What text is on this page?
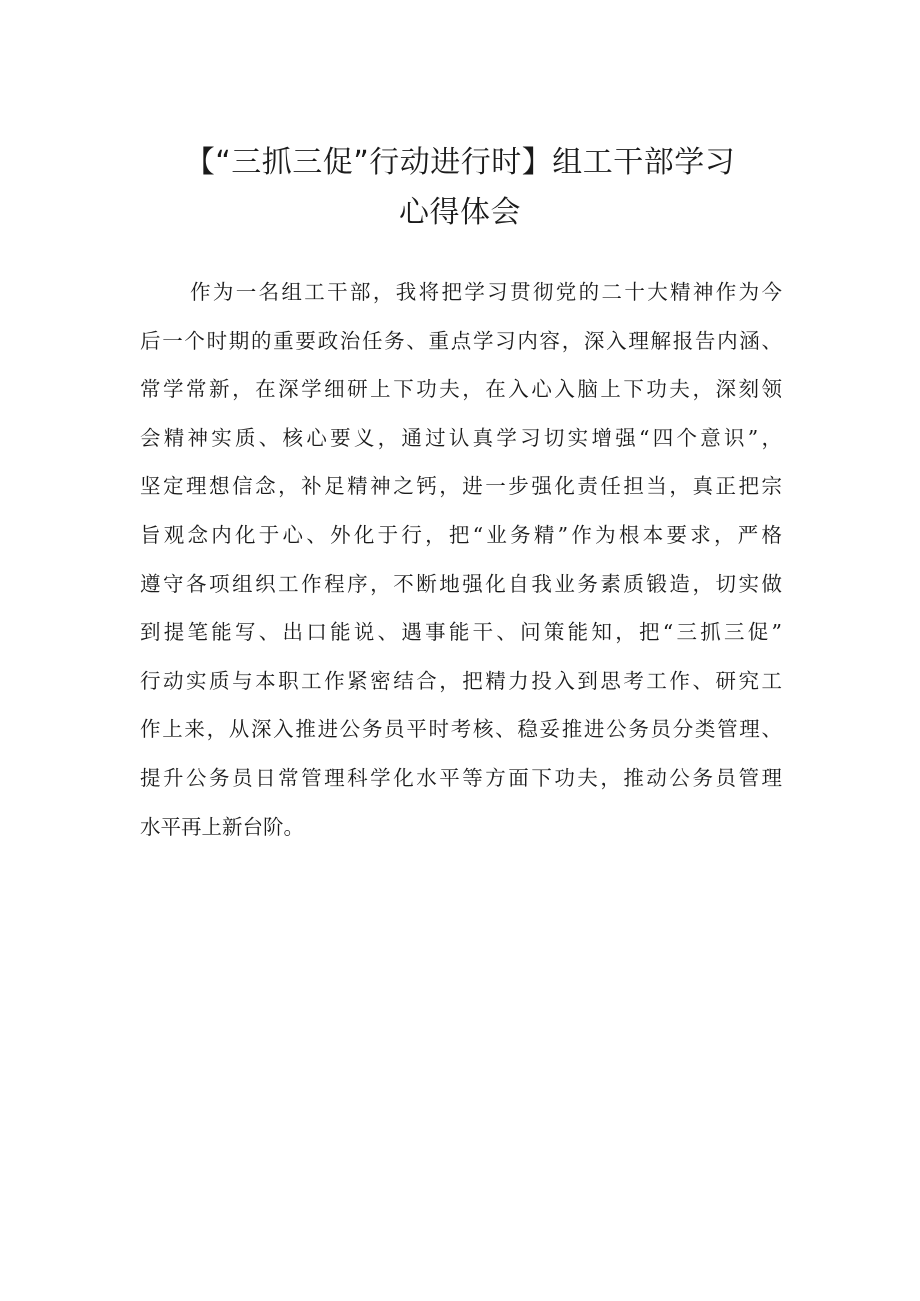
【“三抓三促”行动进行时】组工干部学习
心得体会
作为一名组工干部，我将把学习贯彻党的二十大精神作为今
后一个时期的重要政治任务、重点学习内容，深入理解报告内涵、
常学常新，在深学细研上下功夫，在入心入脑上下功夫，深刻领
会精神实质、核心要义，通过认真学习切实增强“四个意识”，
坚定理想信念，补足精神之钙，进一步强化责任担当，真正把宗
旨观念内化于心、外化于行，把“业务精”作为根本要求，严格
遵守各项组织工作程序，不断地强化自我业务素质锻造，切实做
到提笔能写、出口能说、遇事能干、问策能知，把“三抓三促”
行动实质与本职工作紧密结合，把精力投入到思考工作、研究工
作上来，从深入推进公务员平时考核、稳妥推进公务员分类管理、
提升公务员日常管理科学化水平等方面下功夫，推动公务员管理
水平再上新台阶。
